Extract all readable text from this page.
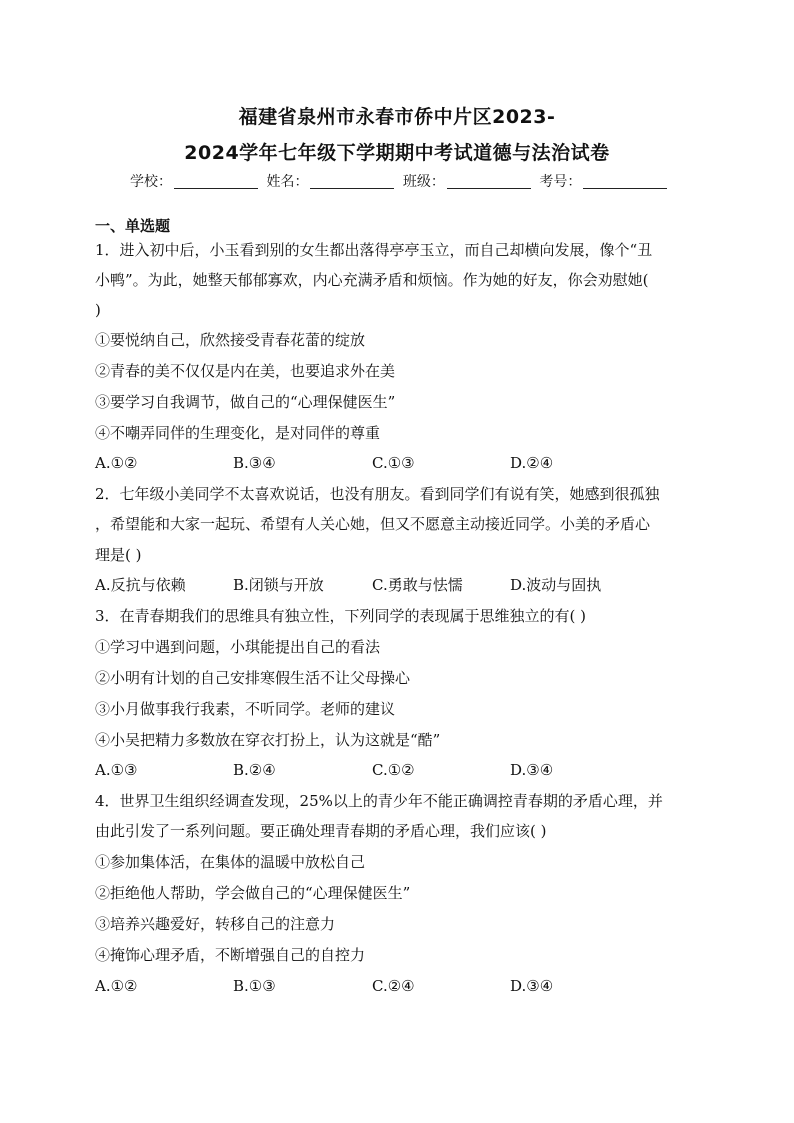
福建省泉州市永春市侨中片区2023-
2024学年七年级下学期期中考试道德与法治试卷
学校：	姓名：	班级：	考号：
一、单选题
1．进入初中后，小玉看到别的女生都出落得亭亭玉立，而自己却横向发展，像个“丑
小鸭”。为此，她整天郁郁寡欢，内心充满矛盾和烦恼。作为她的好友，你会劝慰她(
)
①要悦纳自己，欣然接受青春花蕾的绽放
②青春的美不仅仅是内在美，也要追求外在美
③要学习自我调节，做自己的“心理保健医生”
④不嘲弄同伴的生理变化，是对同伴的尊重
A.①②	B.③④	C.①③	D.②④
2．七年级小美同学不太喜欢说话，也没有朋友。看到同学们有说有笑，她感到很孤独
，希望能和大家一起玩、希望有人关心她，但又不愿意主动接近同学。小美的矛盾心
理是( )
A.反抗与依赖	B.闭锁与开放	C.勇敢与怯懦	D.波动与固执
3．在青春期我们的思维具有独立性，下列同学的表现属于思维独立的有( )
①学习中遇到问题，小琪能提出自己的看法
②小明有计划的自己安排寒假生活不让父母操心
③小月做事我行我素，不听同学。老师的建议
④小吴把精力多数放在穿衣打扮上，认为这就是“酷”
A.①③	B.②④	C.①②	D.③④
4．世界卫生组织经调查发现，25%以上的青少年不能正确调控青春期的矛盾心理，并
由此引发了一系列问题。要正确处理青春期的矛盾心理，我们应该( )
①参加集体活，在集体的温暖中放松自己
②拒绝他人帮助，学会做自己的“心理保健医生”
③培养兴趣爱好，转移自己的注意力
④掩饰心理矛盾，不断增强自己的自控力
A.①②	B.①③	C.②④	D.③④
